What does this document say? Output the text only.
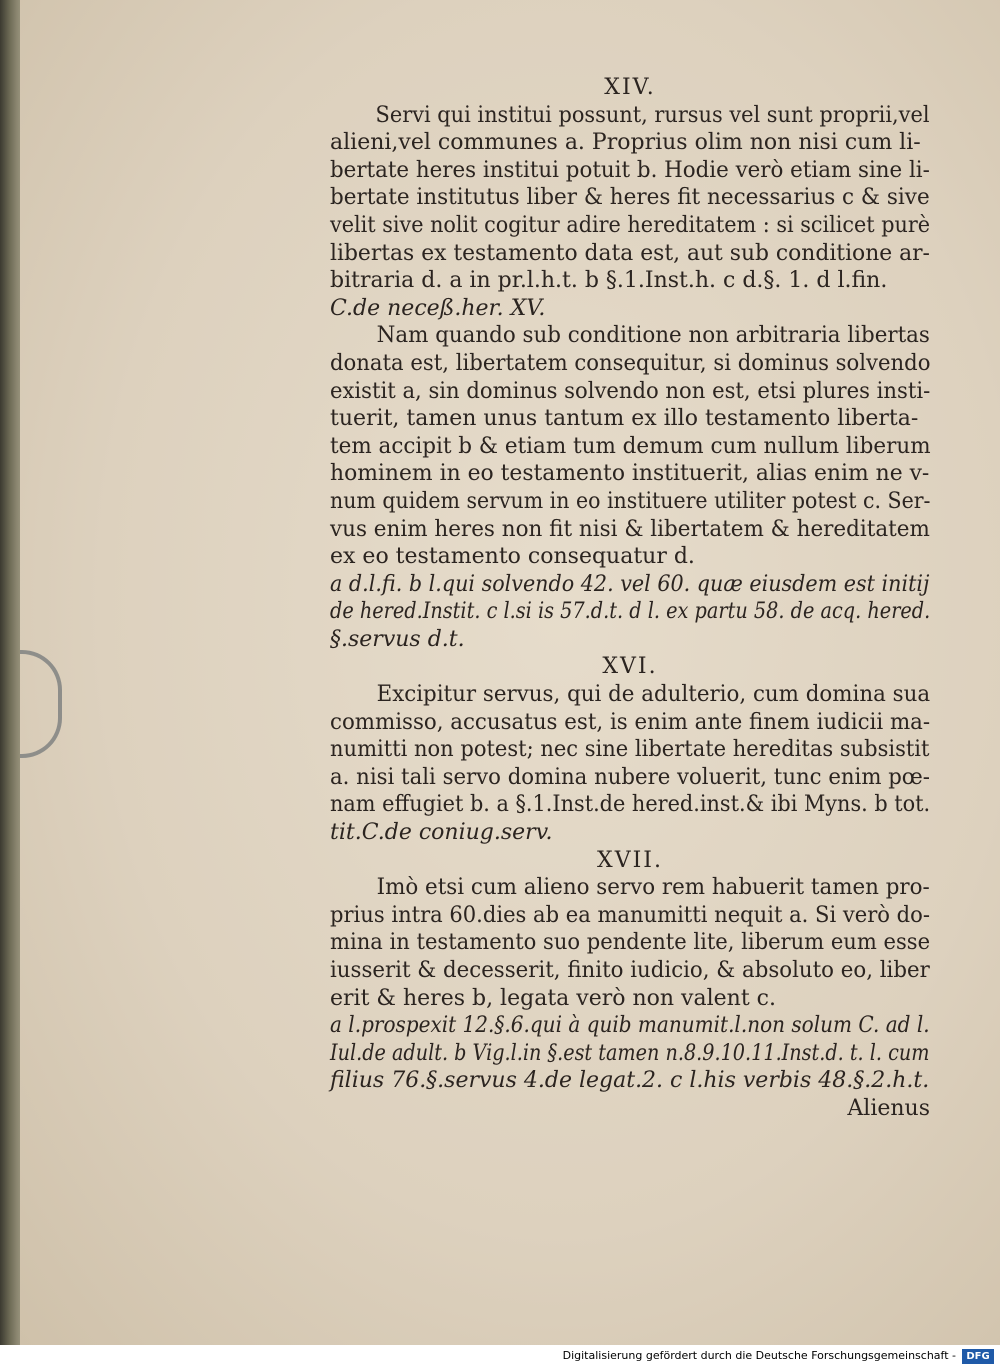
XIV.
Servi qui institui possunt, rursus vel sunt proprii,vel
alieni,vel communes a. Proprius olim non nisi cum li-
bertate heres institui potuit b. Hodie verò etiam sine li-
bertate institutus liber & heres fit necessarius c & sive
velit sive nolit cogitur adire hereditatem : si scilicet purè
libertas ex testamento data est, aut sub conditione ar-
bitraria d. a in pr.l.h.t. b §.1.Inst.h. c d.§. 1. d l.fin.
C.de neceß.her. XV.
Nam quando sub conditione non arbitraria libertas
donata est, libertatem consequitur, si dominus solvendo
existit a, sin dominus solvendo non est, etsi plures insti-
tuerit, tamen unus tantum ex illo testamento liberta-
tem accipit b & etiam tum demum cum nullum liberum
hominem in eo testamento instituerit, alias enim ne v-
num quidem servum in eo instituere utiliter potest c. Ser-
vus enim heres non fit nisi & libertatem & hereditatem
ex eo testamento consequatur d.
a d.l.fi. b l.qui solvendo 42. vel 60. quæ eiusdem est initij
de hered.Instit. c l.si is 57.d.t. d l. ex partu 58. de acq. hered.
§.servus d.t.
XVI.
Excipitur servus, qui de adulterio, cum domina sua
commisso, accusatus est, is enim ante finem iudicii ma-
numitti non potest; nec sine libertate hereditas subsistit
a. nisi tali servo domina nubere voluerit, tunc enim pœ-
nam effugiet b. a §.1.Inst.de hered.inst.& ibi Myns. b tot.
tit.C.de coniug.serv.
XVII.
Imò etsi cum alieno servo rem habuerit tamen pro-
prius intra 60.dies ab ea manumitti nequit a. Si verò do-
mina in testamento suo pendente lite, liberum eum esse
iusserit & decesserit, finito iudicio, & absoluto eo, liber
erit & heres b, legata verò non valent c.
a l.prospexit 12.§.6.qui à quib manumit.l.non solum C. ad l.
Iul.de adult. b Vig.l.in §.est tamen n.8.9.10.11.Inst.d. t. l. cum
filius 76.§.servus 4.de legat.2. c l.his verbis 48.§.2.h.t.
Alienus
Digitalisierung gefördert durch die Deutsche Forschungsgemeinschaft -	DFG
